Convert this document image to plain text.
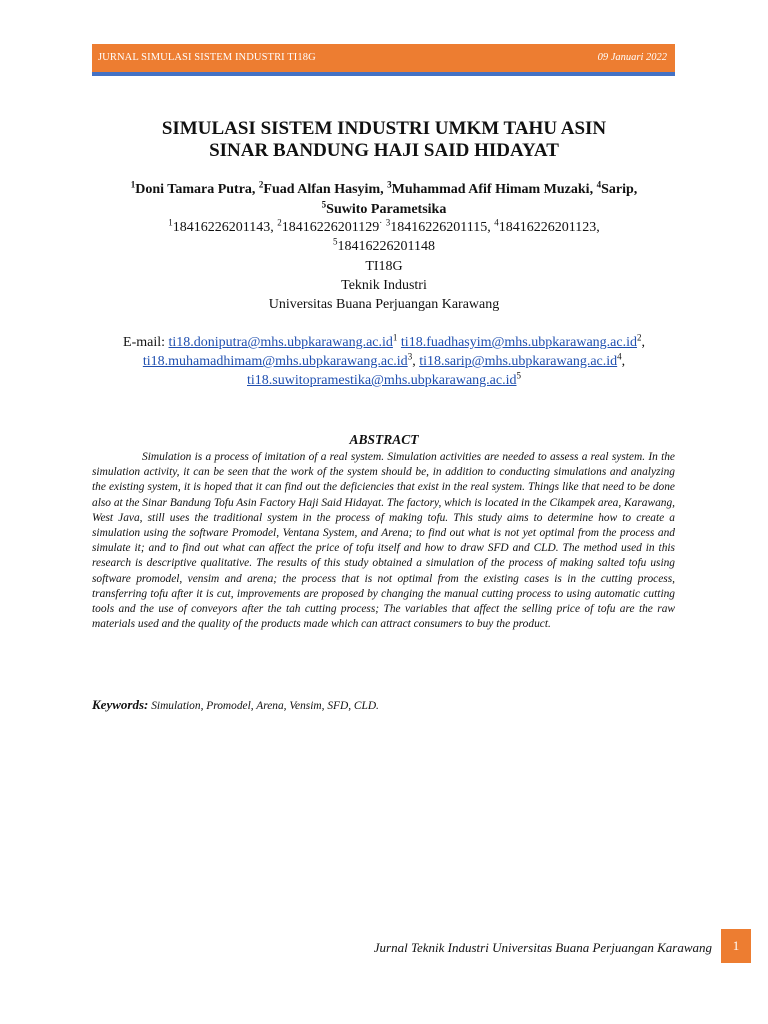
JURNAL SIMULASI SISTEM INDUSTRI TI18G	09 Januari 2022
SIMULASI SISTEM INDUSTRI UMKM TAHU ASIN
SINAR BANDUNG HAJI SAID HIDAYAT
$^1$Doni Tamara Putra, $^2$Fuad Alfan Hasyim, $^3$Muhammad Afif Himam Muzaki, $^4$Sarip,
$^5$Suwito Parametsika
$^1$18416226201143, $^2$18416226201129· $^3$18416226201115, $^4$18416226201123,
$^5$18416226201148
TI18G
Teknik Industri
Universitas Buana Perjuangan Karawang
E-mail: $ti18.doniputra@mhs.ubpkarawang.ac.id^1$ $ti18.fuadhasyim@mhs.ubpkarawang.ac.id^2$,
$ti18.muhamadhimam@mhs.ubpkarawang.ac.id^3$, $ti18.sarip@mhs.ubpkarawang.ac.id^4$,
$ti18.suwitopramestika@mhs.ubpkarawang.ac.id^5$
ABSTRACT
Simulation is a process of imitation of a real system. Simulation activities are needed to assess a real system. In the simulation activity, it can be seen that the work of the system should be, in addition to conducting simulations and analyzing the existing system, it is hoped that it can find out the deficiencies that exist in the real system. Things like that need to be done also at the Sinar Bandung Tofu Asin Factory Haji Said Hidayat. The factory, which is located in the Cikampek area, Karawang, West Java, still uses the traditional system in the process of making tofu. This study aims to determine how to create a simulation using the software Promodel, Ventana System, and Arena; to find out what is not yet optimal from the process and simulate it; and to find out what can affect the price of tofu itself and how to draw SFD and CLD. The method used in this research is descriptive qualitative. The results of this study obtained a simulation of the process of making salted tofu using software promodel, vensim and arena; the process that is not optimal from the existing cases is in the cutting process, transferring tofu after it is cut, improvements are proposed by changing the manual cutting process to using automatic cutting tools and the use of conveyors after the tah cutting process; The variables that affect the selling price of tofu are the raw materials used and the quality of the products made which can attract consumers to buy the product.
Keywords: Simulation, Promodel, Arena, Vensim, SFD, CLD.
Jurnal Teknik Industri Universitas Buana Perjuangan Karawang	1
